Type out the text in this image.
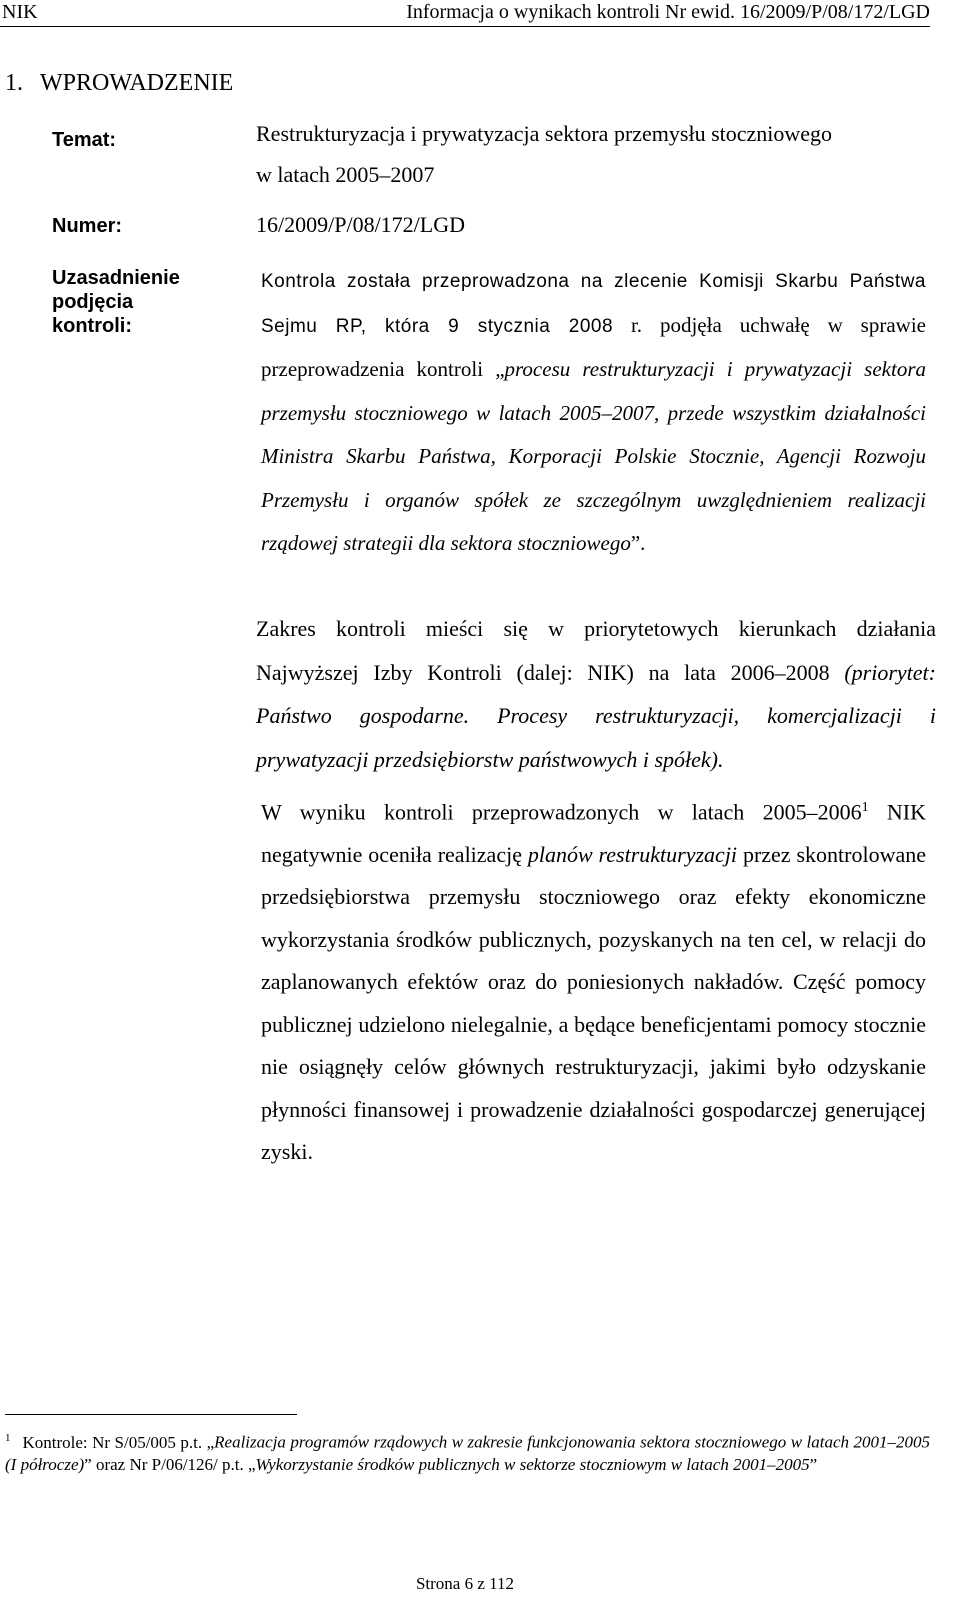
NIK	Informacja o wynikach kontroli Nr ewid. 16/2009/P/08/172/LGD
1. WPROWADZENIE
Temat:
Numer:
Uzasadnienie
podjęcia
kontroli:
Restrukturyzacja i prywatyzacja sektora przemysłu stoczniowego
w latach 2005–2007
16/2009/P/08/172/LGD
Kontrola została przeprowadzona na zlecenie Komisji Skarbu Państwa Sejmu RP, która 9 stycznia 2008 r. podjęła uchwałę w sprawie przeprowadzenia kontroli „procesu restrukturyzacji i prywatyzacji sektora przemysłu stoczniowego w latach 2005–2007, przede wszystkim działalności Ministra Skarbu Państwa, Korporacji Polskie Stocznie, Agencji Rozwoju Przemysłu i organów spółek ze szczególnym uwzględnieniem realizacji rządowej strategii dla sektora stoczniowego”.
Zakres kontroli mieści się w priorytetowych kierunkach działania Najwyższej Izby Kontroli (dalej: NIK) na lata 2006–2008 (priorytet: Państwo gospodarne. Procesy restrukturyzacji, komercjalizacji i prywatyzacji przedsiębiorstw państwowych i spółek).
W wyniku kontroli przeprowadzonych w latach 2005–2006$^1$ NIK negatywnie oceniła realizację planów restrukturyzacji przez skontrolowane przedsiębiorstwa przemysłu stoczniowego oraz efekty ekonomiczne wykorzystania środków publicznych, pozyskanych na ten cel, w relacji do zaplanowanych efektów oraz do poniesionych nakładów. Część pomocy publicznej udzielono nielegalnie, a będące beneficjentami pomocy stocznie nie osiągnęły celów głównych restrukturyzacji, jakimi było odzyskanie płynności finansowej i prowadzenie działalności gospodarczej generującej zyski.
$^1$ Kontrole: Nr S/05/005 p.t. „Realizacja programów rządowych w zakresie funkcjonowania sektora stoczniowego w latach 2001–2005 (I półrocze)” oraz Nr P/06/126/ p.t. „Wykorzystanie środków publicznych w sektorze stoczniowym w latach 2001–2005”
Strona 6 z 112
